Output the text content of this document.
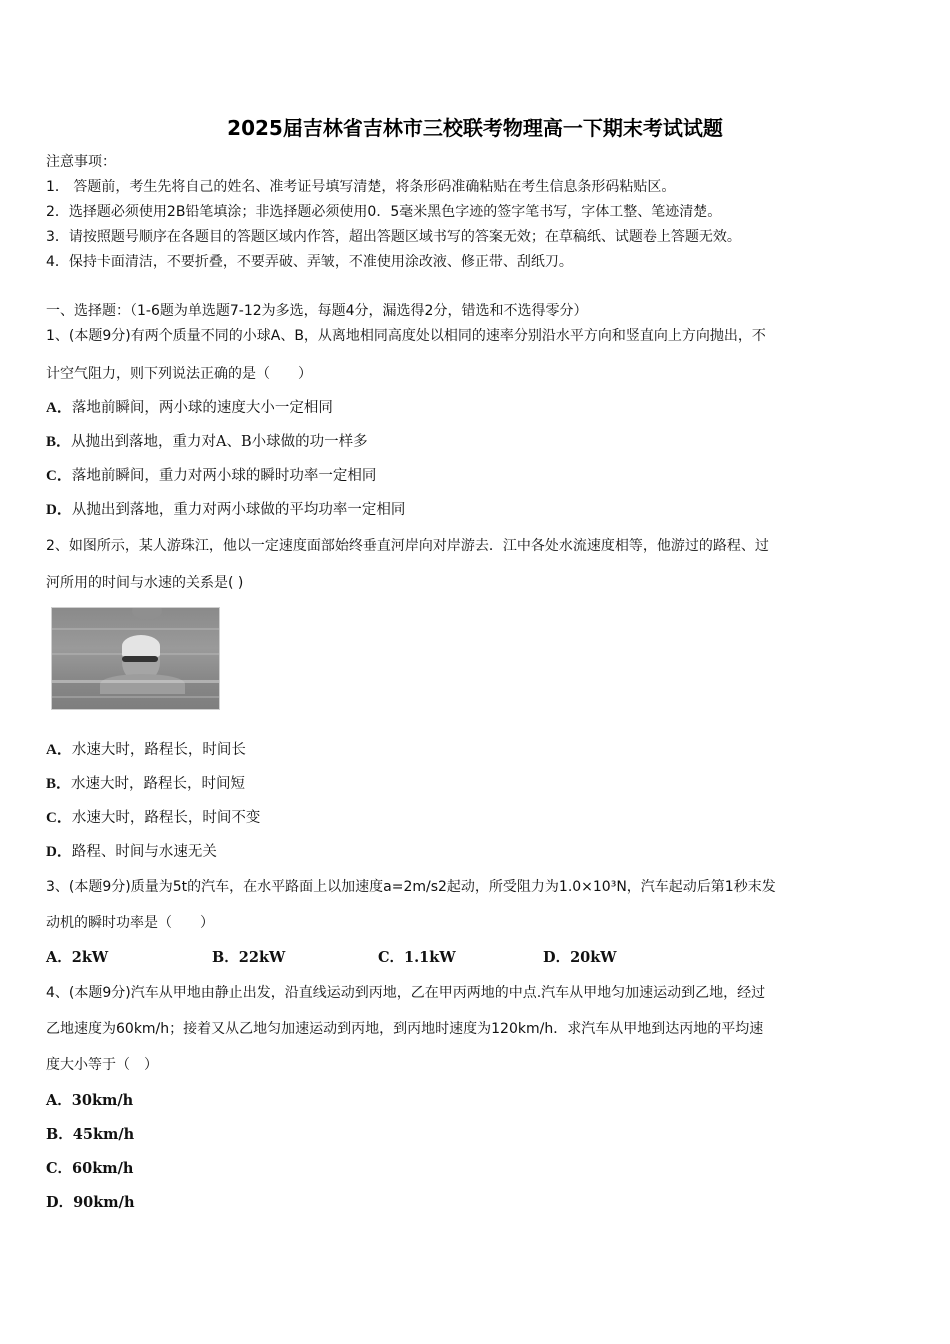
2025届吉林省吉林市三校联考物理高一下期末考试试题
注意事项：
1． 答题前，考生先将自己的姓名、准考证号填写清楚，将条形码准确粘贴在考生信息条形码粘贴区。
2．选择题必须使用2B铅笔填涂；非选择题必须使用0．5毫米黑色字迹的签字笔书写，字体工整、笔迹清楚。
3．请按照题号顺序在各题目的答题区域内作答，超出答题区域书写的答案无效；在草稿纸、试题卷上答题无效。
4．保持卡面清洁，不要折叠，不要弄破、弄皱，不准使用涂改液、修正带、刮纸刀。
一、选择题：（1-6题为单选题7-12为多选，每题4分，漏选得2分，错选和不选得零分）
1、(本题9分)有两个质量不同的小球A、B，从离地相同高度处以相同的速率分别沿水平方向和竖直向上方向抛出，不
计空气阻力，则下列说法正确的是（　　）
A．落地前瞬间，两小球的速度大小一定相同
B．从抛出到落地，重力对A、B小球做的功一样多
C．落地前瞬间，重力对两小球的瞬时功率一定相同
D．从抛出到落地，重力对两小球做的平均功率一定相同
2、如图所示，某人游珠江，他以一定速度面部始终垂直河岸向对岸游去．江中各处水流速度相等，他游过的路程、过
河所用的时间与水速的关系是( )
A．水速大时，路程长，时间长
B．水速大时，路程长，时间短
C．水速大时，路程长，时间不变
D．路程、时间与水速无关
3、(本题9分)质量为5t的汽车，在水平路面上以加速度a=2m/s2起动，所受阻力为1.0×10³N，汽车起动后第1秒末发
动机的瞬时功率是（　　）
A．2kW	B．22kW	C．1.1kW	D．20kW
4、(本题9分)汽车从甲地由静止出发，沿直线运动到丙地，乙在甲丙两地的中点.汽车从甲地匀加速运动到乙地，经过
乙地速度为60km/h；接着又从乙地匀加速运动到丙地，到丙地时速度为120km/h．求汽车从甲地到达丙地的平均速
度大小等于（　）
A．30km/h
B．45km/h
C．60km/h
D．90km/h
